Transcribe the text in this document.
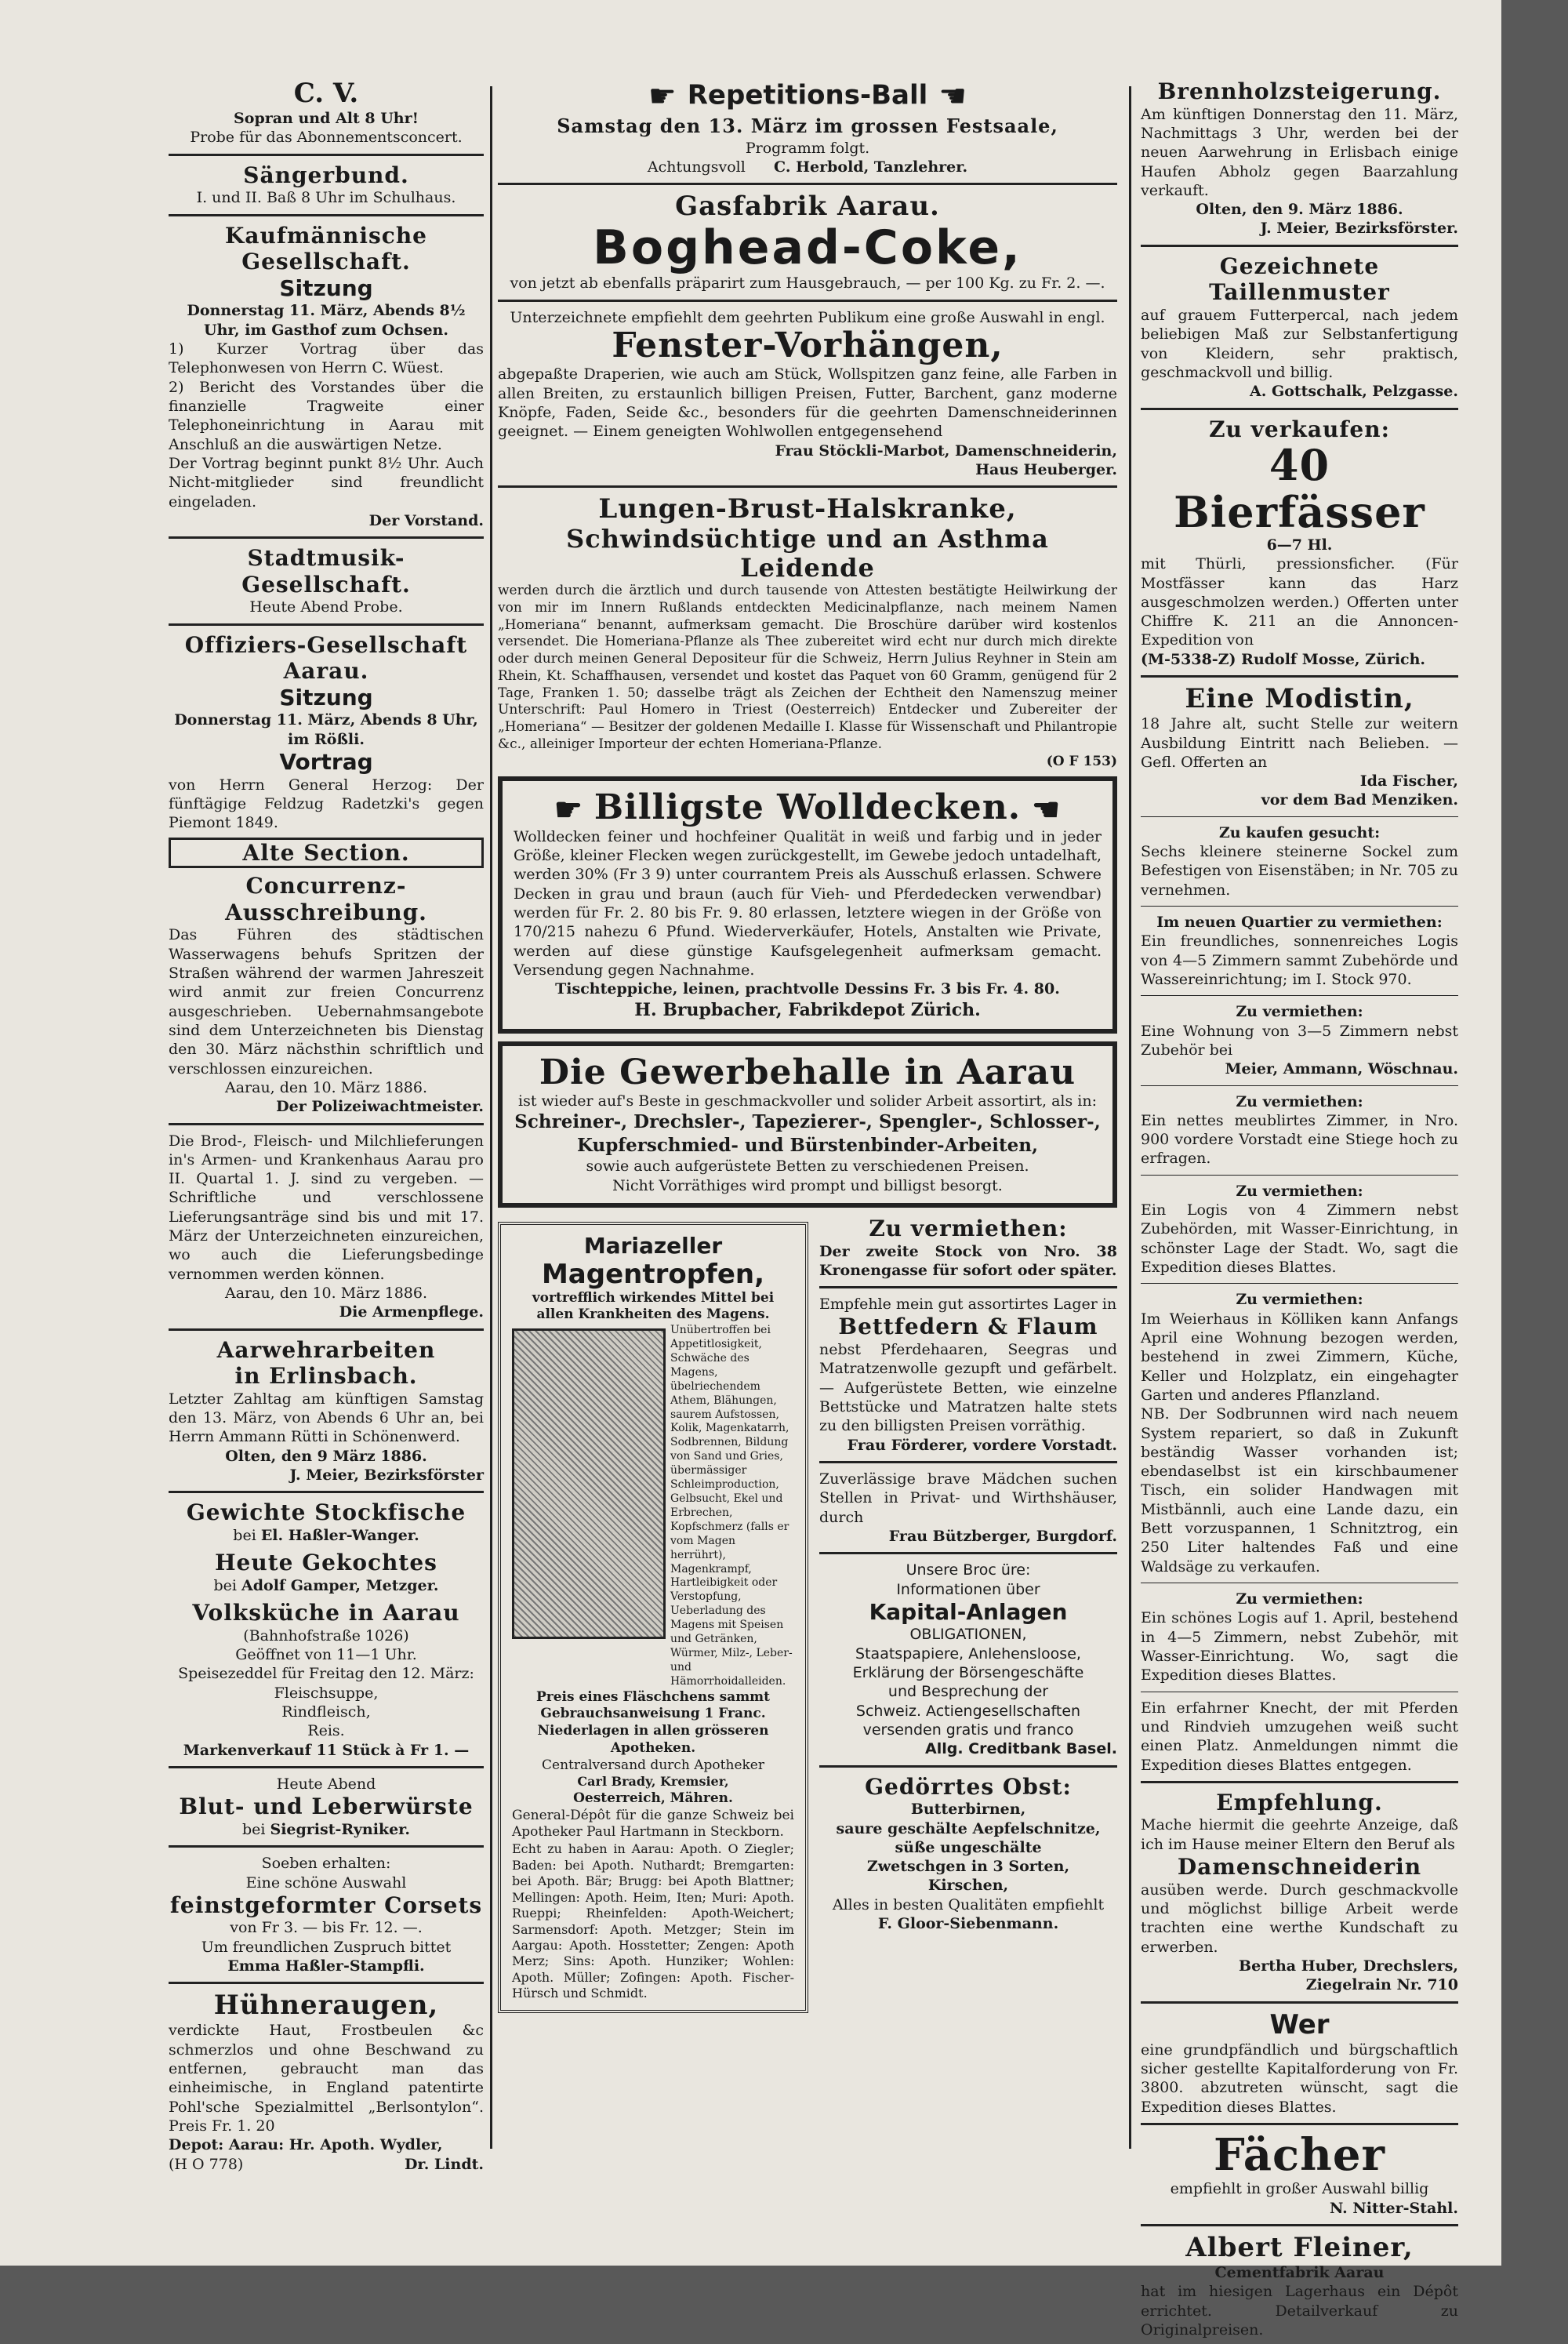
C. V.
Sopran und Alt 8 Uhr!
Probe für das Abonnementsconcert.
Sängerbund.
I. und II. Baß 8 Uhr im Schulhaus.
Kaufmännische Gesellschaft.
Sitzung
Donnerstag 11. März, Abends 8½ Uhr, im Gasthof zum Ochsen.
1) Kurzer Vortrag über das Telephonwesen von Herrn C. Wüest.
2) Bericht des Vorstandes über die finanzielle Tragweite einer Telephoneinrichtung in Aarau mit Anschluß an die auswärtigen Netze.
Der Vortrag beginnt punkt 8½ Uhr. Auch Nicht-mitglieder sind freundlicht eingeladen.
Der Vorstand.
Stadtmusik-Gesellschaft.
Heute Abend Probe.
Offiziers-Gesellschaft Aarau.
Sitzung
Donnerstag 11. März, Abends 8 Uhr, im Rößli.
Vortrag
von Herrn General Herzog: Der fünftägige Feldzug Radetzki's gegen Piemont 1849.
Alte Section.
Concurrenz-Ausschreibung.
Das Führen des städtischen Wasserwagens behufs Spritzen der Straßen während der warmen Jahreszeit wird anmit zur freien Concurrenz ausgeschrieben. Uebernahmsangebote sind dem Unterzeichneten bis Dienstag den 30. März nächsthin schriftlich und verschlossen einzureichen.
Aarau, den 10. März 1886.
Der Polizeiwachtmeister.
Die Brod-, Fleisch- und Milchlieferungen in's Armen- und Krankenhaus Aarau pro II. Quartal 1. J. sind zu vergeben. — Schriftliche und verschlossene Lieferungsanträge sind bis und mit 17. März der Unterzeichneten einzureichen, wo auch die Lieferungsbedinge vernommen werden können.
Aarau, den 10. März 1886.
Die Armenpflege.
Aarwehrarbeiten
in Erlinsbach.
Letzter Zahltag am künftigen Samstag den 13. März, von Abends 6 Uhr an, bei Herrn Ammann Rütti in Schönenwerd.
Olten, den 9 März 1886.
J. Meier, Bezirksförster
Gewichte Stockfische
bei El. Haßler-Wanger.
Heute Gekochtes
bei Adolf Gamper, Metzger.
Volksküche in Aarau
(Bahnhofstraße 1026)
Geöffnet von 11—1 Uhr.
Speisezeddel für Freitag den 12. März:
Fleischsuppe,
Rindfleisch,
Reis.
Markenverkauf 11 Stück à Fr 1. —
Heute Abend
Blut- und Leberwürste
bei Siegrist-Ryniker.
Soeben erhalten:
Eine schöne Auswahl
feinstgeformter Corsets
von Fr 3. — bis Fr. 12. —.
Um freundlichen Zuspruch bittet
Emma Haßler-Stampfli.
Hühneraugen,
verdickte Haut, Frostbeulen &c schmerzlos und ohne Beschwand zu entfernen, gebraucht man das einheimische, in England patentirte Pohl'sche Spezialmittel „Berlsontylon“. Preis Fr. 1. 20
Depot: Aarau: Hr. Apoth. Wydler,
(H O 778)	Dr. Lindt.
☛ Repetitions-Ball ☚
Samstag den 13. März im grossen Festsaale,
Programm folgt.
Achtungsvoll C. Herbold, Tanzlehrer.
Gasfabrik Aarau.
Boghead-Coke,
von jetzt ab ebenfalls präparirt zum Hausgebrauch, — per 100 Kg. zu Fr. 2. —.
Unterzeichnete empfiehlt dem geehrten Publikum eine große Auswahl in engl.
Fenster-Vorhängen,
abgepaßte Draperien, wie auch am Stück, Wollspitzen ganz feine, alle Farben in allen Breiten, zu erstaunlich billigen Preisen, Futter, Barchent, ganz moderne Knöpfe, Faden, Seide &c., besonders für die geehrten Damenschneiderinnen geeignet. — Einem geneigten Wohlwollen entgegensehend
Frau Stöckli-Marbot, Damenschneiderin,
Haus Heuberger.
Lungen-Brust-Halskranke,
Schwindsüchtige und an Asthma Leidende
werden durch die ärztlich und durch tausende von Attesten bestätigte Heilwirkung der von mir im Innern Rußlands entdeckten Medicinalpflanze, nach meinem Namen „Homeriana“ benannt, aufmerksam gemacht. Die Broschüre darüber wird kostenlos versendet. Die Homeriana-Pflanze als Thee zubereitet wird echt nur durch mich direkte oder durch meinen General Depositeur für die Schweiz, Herrn Julius Reyhner in Stein am Rhein, Kt. Schaffhausen, versendet und kostet das Paquet von 60 Gramm, genügend für 2 Tage, Franken 1. 50; dasselbe trägt als Zeichen der Echtheit den Namenszug meiner Unterschrift: Paul Homero in Triest (Oesterreich) Entdecker und Zubereiter der „Homeriana“ — Besitzer der goldenen Medaille I. Klasse für Wissenschaft und Philantropie &c., alleiniger Importeur der echten Homeriana-Pflanze.
(O F 153)
☛ Billigste Wolldecken. ☚
Wolldecken feiner und hochfeiner Qualität in weiß und farbig und in jeder Größe, kleiner Flecken wegen zurückgestellt, im Gewebe jedoch untadelhaft, werden 30% (Fr 3 9) unter courrantem Preis als Ausschuß erlassen. Schwere Decken in grau und braun (auch für Vieh- und Pferdedecken verwendbar) werden für Fr. 2. 80 bis Fr. 9. 80 erlassen, letztere wiegen in der Größe von 170/215 nahezu 6 Pfund. Wiederverkäufer, Hotels, Anstalten wie Private, werden auf diese günstige Kaufsgelegenheit aufmerksam gemacht. Versendung gegen Nachnahme.
Tischteppiche, leinen, prachtvolle Dessins Fr. 3 bis Fr. 4. 80.
H. Brupbacher, Fabrikdepot Zürich.
Die Gewerbehalle in Aarau
ist wieder auf's Beste in geschmackvoller und solider Arbeit assortirt, als in:
Schreiner-, Drechsler-, Tapezierer-, Spengler-, Schlosser-,
Kupferschmied- und Bürstenbinder-Arbeiten,
sowie auch aufgerüstete Betten zu verschiedenen Preisen.
Nicht Vorräthiges wird prompt und billigst besorgt.
Mariazeller
Magentropfen,
vortrefflich wirkendes Mittel bei allen Krankheiten des Magens.
Unübertroffen bei Appetitlosigkeit, Schwäche des Magens, übelriechendem Athem, Blähungen, saurem Aufstossen, Kolik, Magenkatarrh, Sodbrennen, Bildung von Sand und Gries, übermässiger Schleimproduction, Gelbsucht, Ekel und Erbrechen, Kopfschmerz (falls er vom Magen herrührt), Magenkrampf, Hartleibigkeit oder Verstopfung, Ueberladung des Magens mit Speisen und Getränken, Würmer, Milz-, Leber- und Hämorrhoidalleiden.
Preis eines Fläschchens sammt Gebrauchsanweisung 1 Franc. Niederlagen in allen grösseren Apotheken.
Centralversand durch Apotheker
Carl Brady, Kremsier,
Oesterreich, Mähren.
General-Dépôt für die ganze Schweiz bei Apotheker Paul Hartmann in Steckborn.
Echt zu haben in Aarau: Apoth. O Ziegler; Baden: bei Apoth. Nuthardt; Bremgarten: bei Apoth. Bär; Brugg: bei Apoth Blattner; Mellingen: Apoth. Heim, Iten; Muri: Apoth. Rueppi; Rheinfelden: Apoth-Weichert; Sarmensdorf: Apoth. Metzger; Stein im Aargau: Apoth. Hosstetter; Zengen: Apoth Merz; Sins: Apoth. Hunziker; Wohlen: Apoth. Müller; Zofingen: Apoth. Fischer-Hürsch und Schmidt.
Zu vermiethen:
Der zweite Stock von Nro. 38 Kronengasse für sofort oder später.
Empfehle mein gut assortirtes Lager in
Bettfedern & Flaum
nebst Pferdehaaren, Seegras und Matratzenwolle gezupft und gefärbelt. — Aufgerüstete Betten, wie einzelne Bettstücke und Matratzen halte stets zu den billigsten Preisen vorräthig.
Frau Förderer, vordere Vorstadt.
Zuverlässige brave Mädchen suchen Stellen in Privat- und Wirthshäuser, durch
Frau Bützberger, Burgdorf.
Unsere Broc üre:
Informationen über
Kapital-Anlagen
OBLIGATIONEN,
Staatspapiere, Anlehensloose,
Erklärung der Börsengeschäfte
und Besprechung der
Schweiz. Actiengesellschaften
versenden gratis und franco
Allg. Creditbank Basel.
Gedörrtes Obst:
Butterbirnen,
saure geschälte Aepfelschnitze,
süße ungeschälte
Zwetschgen in 3 Sorten,
Kirschen,
Alles in besten Qualitäten empfiehlt
F. Gloor-Siebenmann.
Brennholzsteigerung.
Am künftigen Donnerstag den 11. März, Nachmittags 3 Uhr, werden bei der neuen Aarwehrung in Erlisbach einige Haufen Abholz gegen Baarzahlung verkauft.
Olten, den 9. März 1886.
J. Meier, Bezirksförster.
Gezeichnete Taillenmuster
auf grauem Futterpercal, nach jedem beliebigen Maß zur Selbstanfertigung von Kleidern, sehr praktisch, geschmackvoll und billig.
A. Gottschalk, Pelzgasse.
Zu verkaufen:
40 Bierfässer
6—7 Hl.
mit Thürli, pressionsficher. (Für Mostfässer kann das Harz ausgeschmolzen werden.) Offerten unter Chiffre K. 211 an die Annoncen-Expedition von
(M-5338-Z) Rudolf Mosse, Zürich.
Eine Modistin,
18 Jahre alt, sucht Stelle zur weitern Ausbildung Eintritt nach Belieben. — Gefl. Offerten an
Ida Fischer,
vor dem Bad Menziken.
Zu kaufen gesucht:
Sechs kleinere steinerne Sockel zum Befestigen von Eisenstäben; in Nr. 705 zu vernehmen.
Im neuen Quartier zu vermiethen:
Ein freundliches, sonnenreiches Logis von 4—5 Zimmern sammt Zubehörde und Wassereinrichtung; im I. Stock 970.
Zu vermiethen:
Eine Wohnung von 3—5 Zimmern nebst Zubehör bei
Meier, Ammann, Wöschnau.
Zu vermiethen:
Ein nettes meublirtes Zimmer, in Nro. 900 vordere Vorstadt eine Stiege hoch zu erfragen.
Zu vermiethen:
Ein Logis von 4 Zimmern nebst Zubehörden, mit Wasser-Einrichtung, in schönster Lage der Stadt. Wo, sagt die Expedition dieses Blattes.
Zu vermiethen:
Im Weierhaus in Kölliken kann Anfangs April eine Wohnung bezogen werden, bestehend in zwei Zimmern, Küche, Keller und Holzplatz, ein eingehagter Garten und anderes Pflanzland.
NB. Der Sodbrunnen wird nach neuem System repariert, so daß in Zukunft beständig Wasser vorhanden ist; ebendaselbst ist ein kirschbaumener Tisch, ein solider Handwagen mit Mistbännli, auch eine Lande dazu, ein Bett vorzuspannen, 1 Schnitztrog, ein 250 Liter haltendes Faß und eine Waldsäge zu verkaufen.
Zu vermiethen:
Ein schönes Logis auf 1. April, bestehend in 4—5 Zimmern, nebst Zubehör, mit Wasser-Einrichtung. Wo, sagt die Expedition dieses Blattes.
Ein erfahrner Knecht, der mit Pferden und Rindvieh umzugehen weiß sucht einen Platz. Anmeldungen nimmt die Expedition dieses Blattes entgegen.
Empfehlung.
Mache hiermit die geehrte Anzeige, daß ich im Hause meiner Eltern den Beruf als
Damenschneiderin
ausüben werde. Durch geschmackvolle und möglichst billige Arbeit werde trachten eine werthe Kundschaft zu erwerben.
Bertha Huber, Drechslers,
Ziegelrain Nr. 710
Wer
eine grundpfändlich und bürgschaftlich sicher gestellte Kapitalforderung von Fr. 3800. abzutreten wünscht, sagt die Expedition dieses Blattes.
Fächer
empfiehlt in großer Auswahl billig
N. Nitter-Stahl.
Albert Fleiner,
Cementfabrik Aarau
hat im hiesigen Lagerhaus ein Dépôt errichtet. Detailverkauf zu Originalpreisen.
